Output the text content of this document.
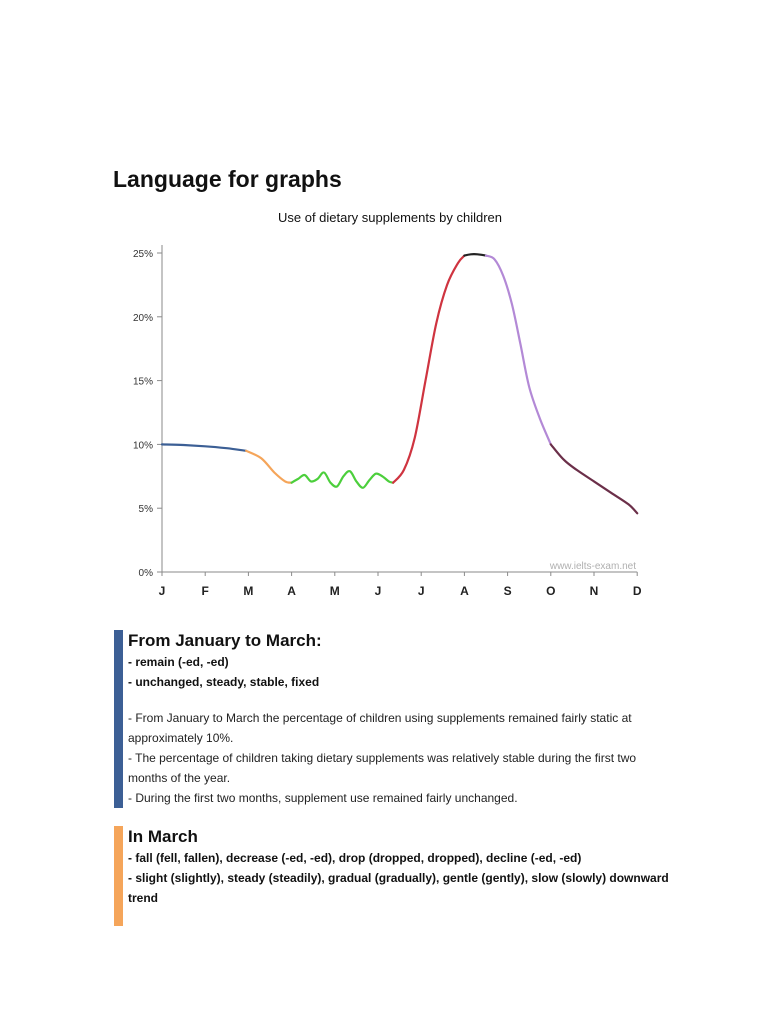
Language for graphs
Use of dietary supplements by children
0%
5%
10%
15%
20%
25%
J	F	M	A	M	J	J	A	S	O	N	D
www.ielts-exam.net
From January to March:

- remain (-ed, -ed)

- unchanged, steady, stable, fixed

- From January to March the percentage of children using supplements remained fairly static at approximately 10%.

- The percentage of children taking dietary supplements was relatively stable during the first two months of the year.

- During the first two months, supplement use remained fairly unchanged.

In March

- fall (fell, fallen), decrease (-ed, -ed), drop (dropped, dropped), decline (-ed, -ed)

- slight (slightly), steady (steadily), gradual (gradually), gentle (gently), slow (slowly) downward trend
